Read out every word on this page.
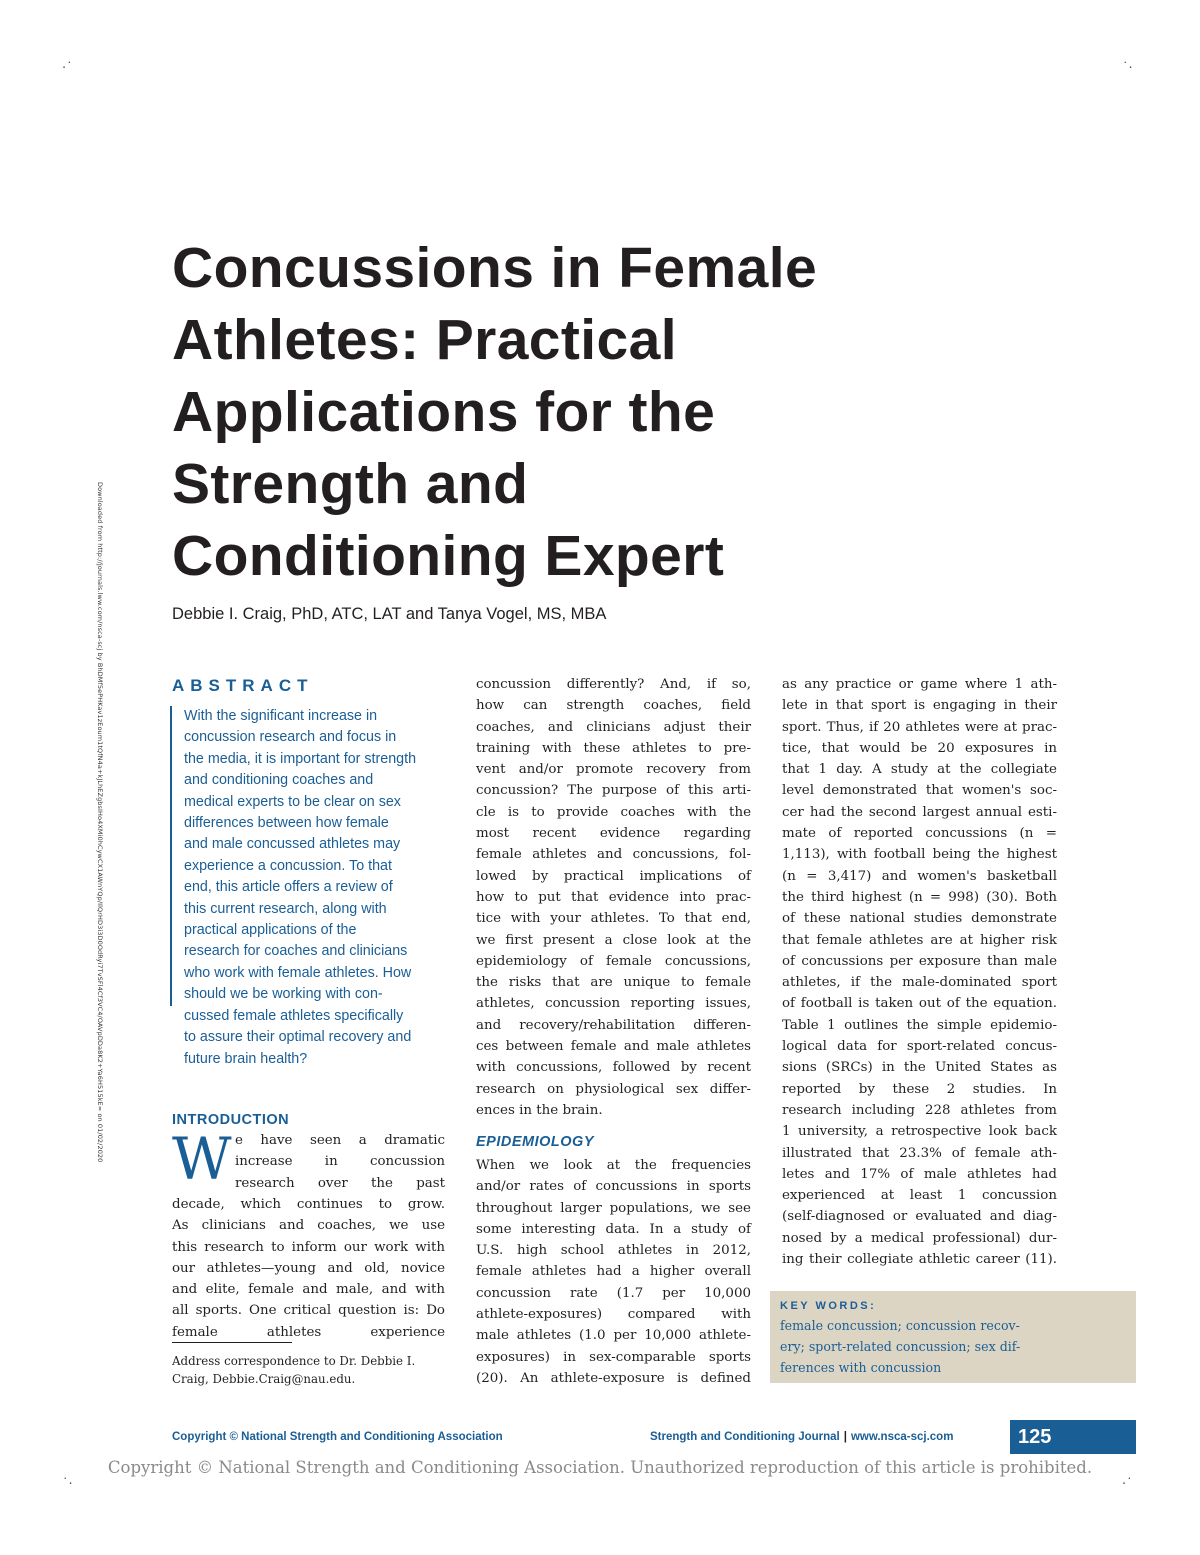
·˙	˙·
˙·	·˙
Downloaded from http://journals.lww.com/nsca-scj by BhDMf5ePHKav1zEoum1tQfN4a+kJLhEZgbsIHo4XMi0hCywCX1AWnYQp/IlQrHD3i3D0OdRyi7TvSFl4Cf3VC4/OAVpDDa8K2+Ya6H515kE= on 01/02/2020
Concussions in Female
Athletes: Practical
Applications for the
Strength and
Conditioning Expert
Debbie I. Craig, PhD, ATC, LAT and Tanya Vogel, MS, MBA
ABSTRACT
With the significant increase in
concussion research and focus in
the media, it is important for strength
and conditioning coaches and
medical experts to be clear on sex
differences between how female
and male concussed athletes may
experience a concussion. To that
end, this article offers a review of
this current research, along with
practical applications of the
research for coaches and clinicians
who work with female athletes. How
should we be working with con-
cussed female athletes specifically
to assure their optimal recovery and
future brain health?
INTRODUCTION
W e have seen a dramatic
increase in concussion
research over the past
decade, which continues to grow.
As clinicians and coaches, we use
this research to inform our work with
our athletes—young and old, novice
and elite, female and male, and with
all sports. One critical question is: Do
female athletes experience
Address correspondence to Dr. Debbie I.
Craig, Debbie.Craig@nau.edu.
concussion differently? And, if so,
how can strength coaches, field
coaches, and clinicians adjust their
training with these athletes to pre-
vent and/or promote recovery from
concussion? The purpose of this arti-
cle is to provide coaches with the
most recent evidence regarding
female athletes and concussions, fol-
lowed by practical implications of
how to put that evidence into prac-
tice with your athletes. To that end,
we first present a close look at the
epidemiology of female concussions,
the risks that are unique to female
athletes, concussion reporting issues,
and recovery/rehabilitation differen-
ces between female and male athletes
with concussions, followed by recent
research on physiological sex differ-
ences in the brain.
EPIDEMIOLOGY
When we look at the frequencies
and/or rates of concussions in sports
throughout larger populations, we see
some interesting data. In a study of
U.S. high school athletes in 2012,
female athletes had a higher overall
concussion rate (1.7 per 10,000
athlete-exposures) compared with
male athletes (1.0 per 10,000 athlete-
exposures) in sex-comparable sports
(20). An athlete-exposure is defined
as any practice or game where 1 ath-
lete in that sport is engaging in their
sport. Thus, if 20 athletes were at prac-
tice, that would be 20 exposures in
that 1 day. A study at the collegiate
level demonstrated that women's soc-
cer had the second largest annual esti-
mate of reported concussions (n =
1,113), with football being the highest
(n = 3,417) and women's basketball
the third highest (n = 998) (30). Both
of these national studies demonstrate
that female athletes are at higher risk
of concussions per exposure than male
athletes, if the male-dominated sport
of football is taken out of the equation.
Table 1 outlines the simple epidemio-
logical data for sport-related concus-
sions (SRCs) in the United States as
reported by these 2 studies. In
research including 228 athletes from
1 university, a retrospective look back
illustrated that 23.3% of female ath-
letes and 17% of male athletes had
experienced at least 1 concussion
(self-diagnosed or evaluated and diag-
nosed by a medical professional) dur-
ing their collegiate athletic career (11).
KEY WORDS:
female concussion; concussion recov-
ery; sport-related concussion; sex dif-
ferences with concussion
Copyright © National Strength and Conditioning Association	Strength and Conditioning Journal | www.nsca-scj.com	125
Copyright © National Strength and Conditioning Association. Unauthorized reproduction of this article is prohibited.
